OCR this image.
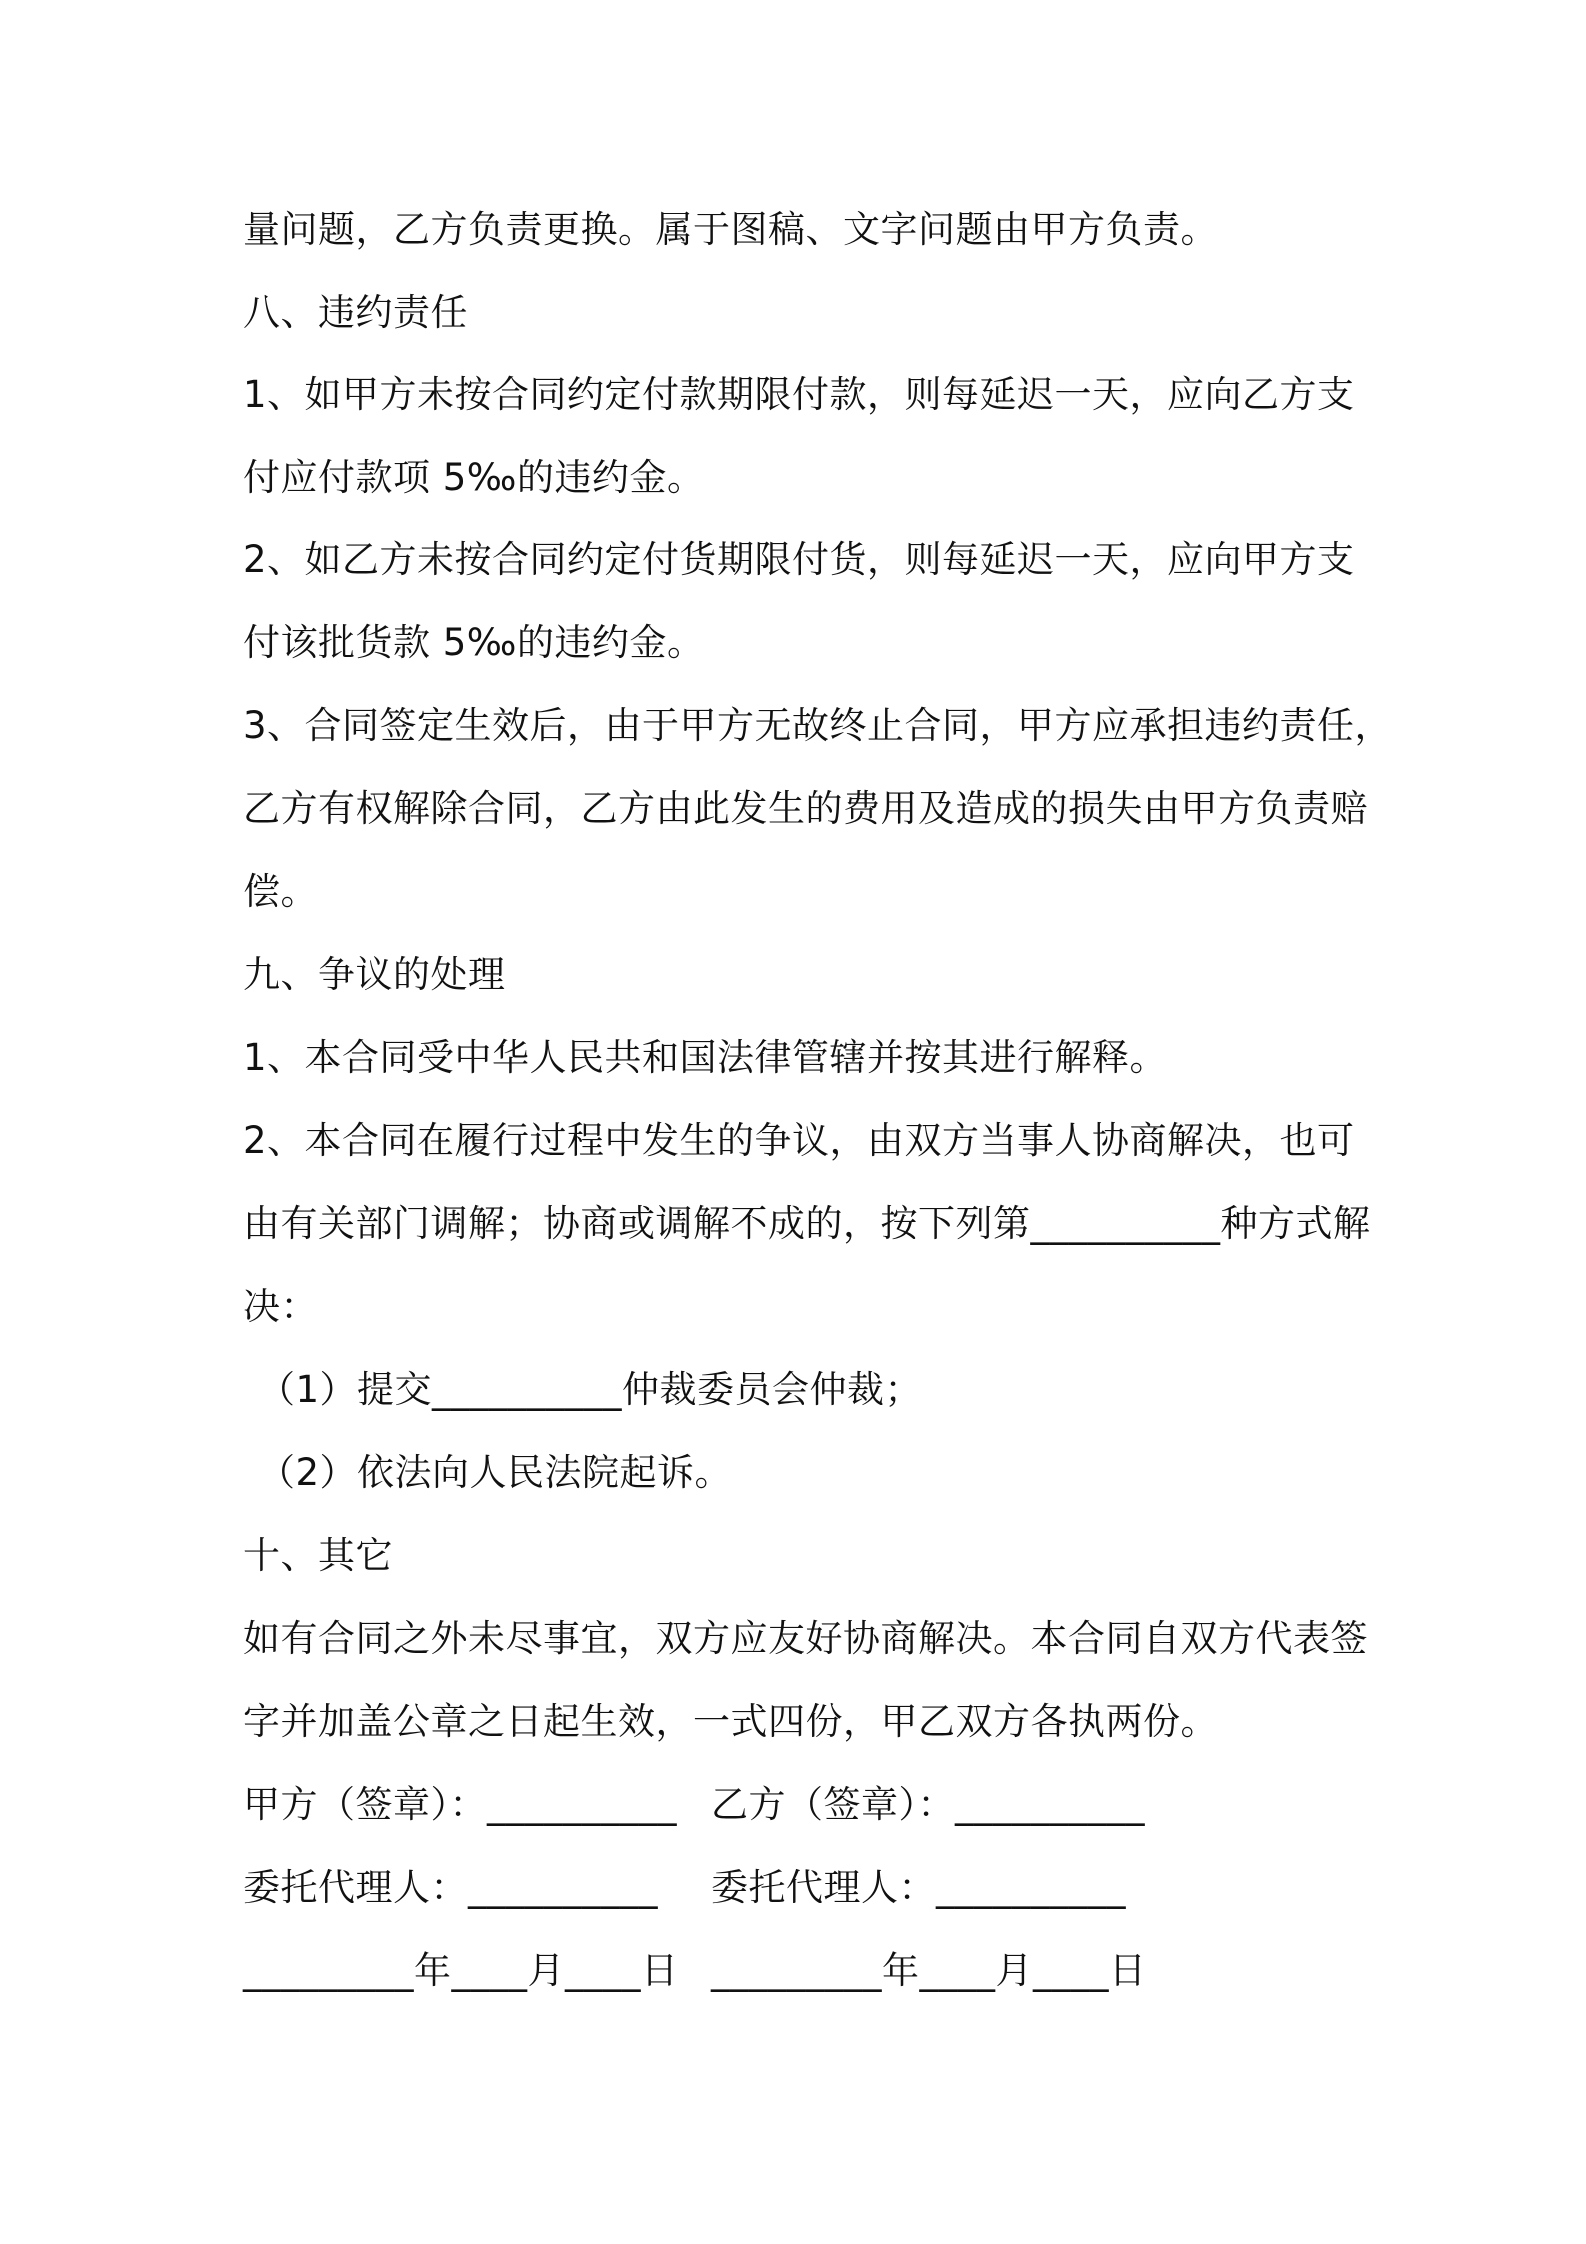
量问题，乙方负责更换。属于图稿、文字问题由甲方负责。
八、违约责任
1、如甲方未按合同约定付款期限付款，则每延迟一天，应向乙方支
付应付款项 5‰的违约金。
2、如乙方未按合同约定付货期限付货，则每延迟一天，应向甲方支
付该批货款 5‰的违约金。
3、合同签定生效后，由于甲方无故终止合同，甲方应承担违约责任，
乙方有权解除合同，乙方由此发生的费用及造成的损失由甲方负责赔
偿。
九、争议的处理
1、本合同受中华人民共和国法律管辖并按其进行解释。
2、本合同在履行过程中发生的争议，由双方当事人协商解决，也可
由有关部门调解；协商或调解不成的，按下列第__________种方式解
决：
（1）提交__________仲裁委员会仲裁；
（2）依法向人民法院起诉。
十、其它
如有合同之外未尽事宜，双方应友好协商解决。本合同自双方代表签
字并加盖公章之日起生效，一式四份，甲乙双方各执两份。
甲方（签章）：__________ 乙方（签章）：__________
委托代理人：__________ 委托代理人：__________
_________年____月____日 _________年____月____日
